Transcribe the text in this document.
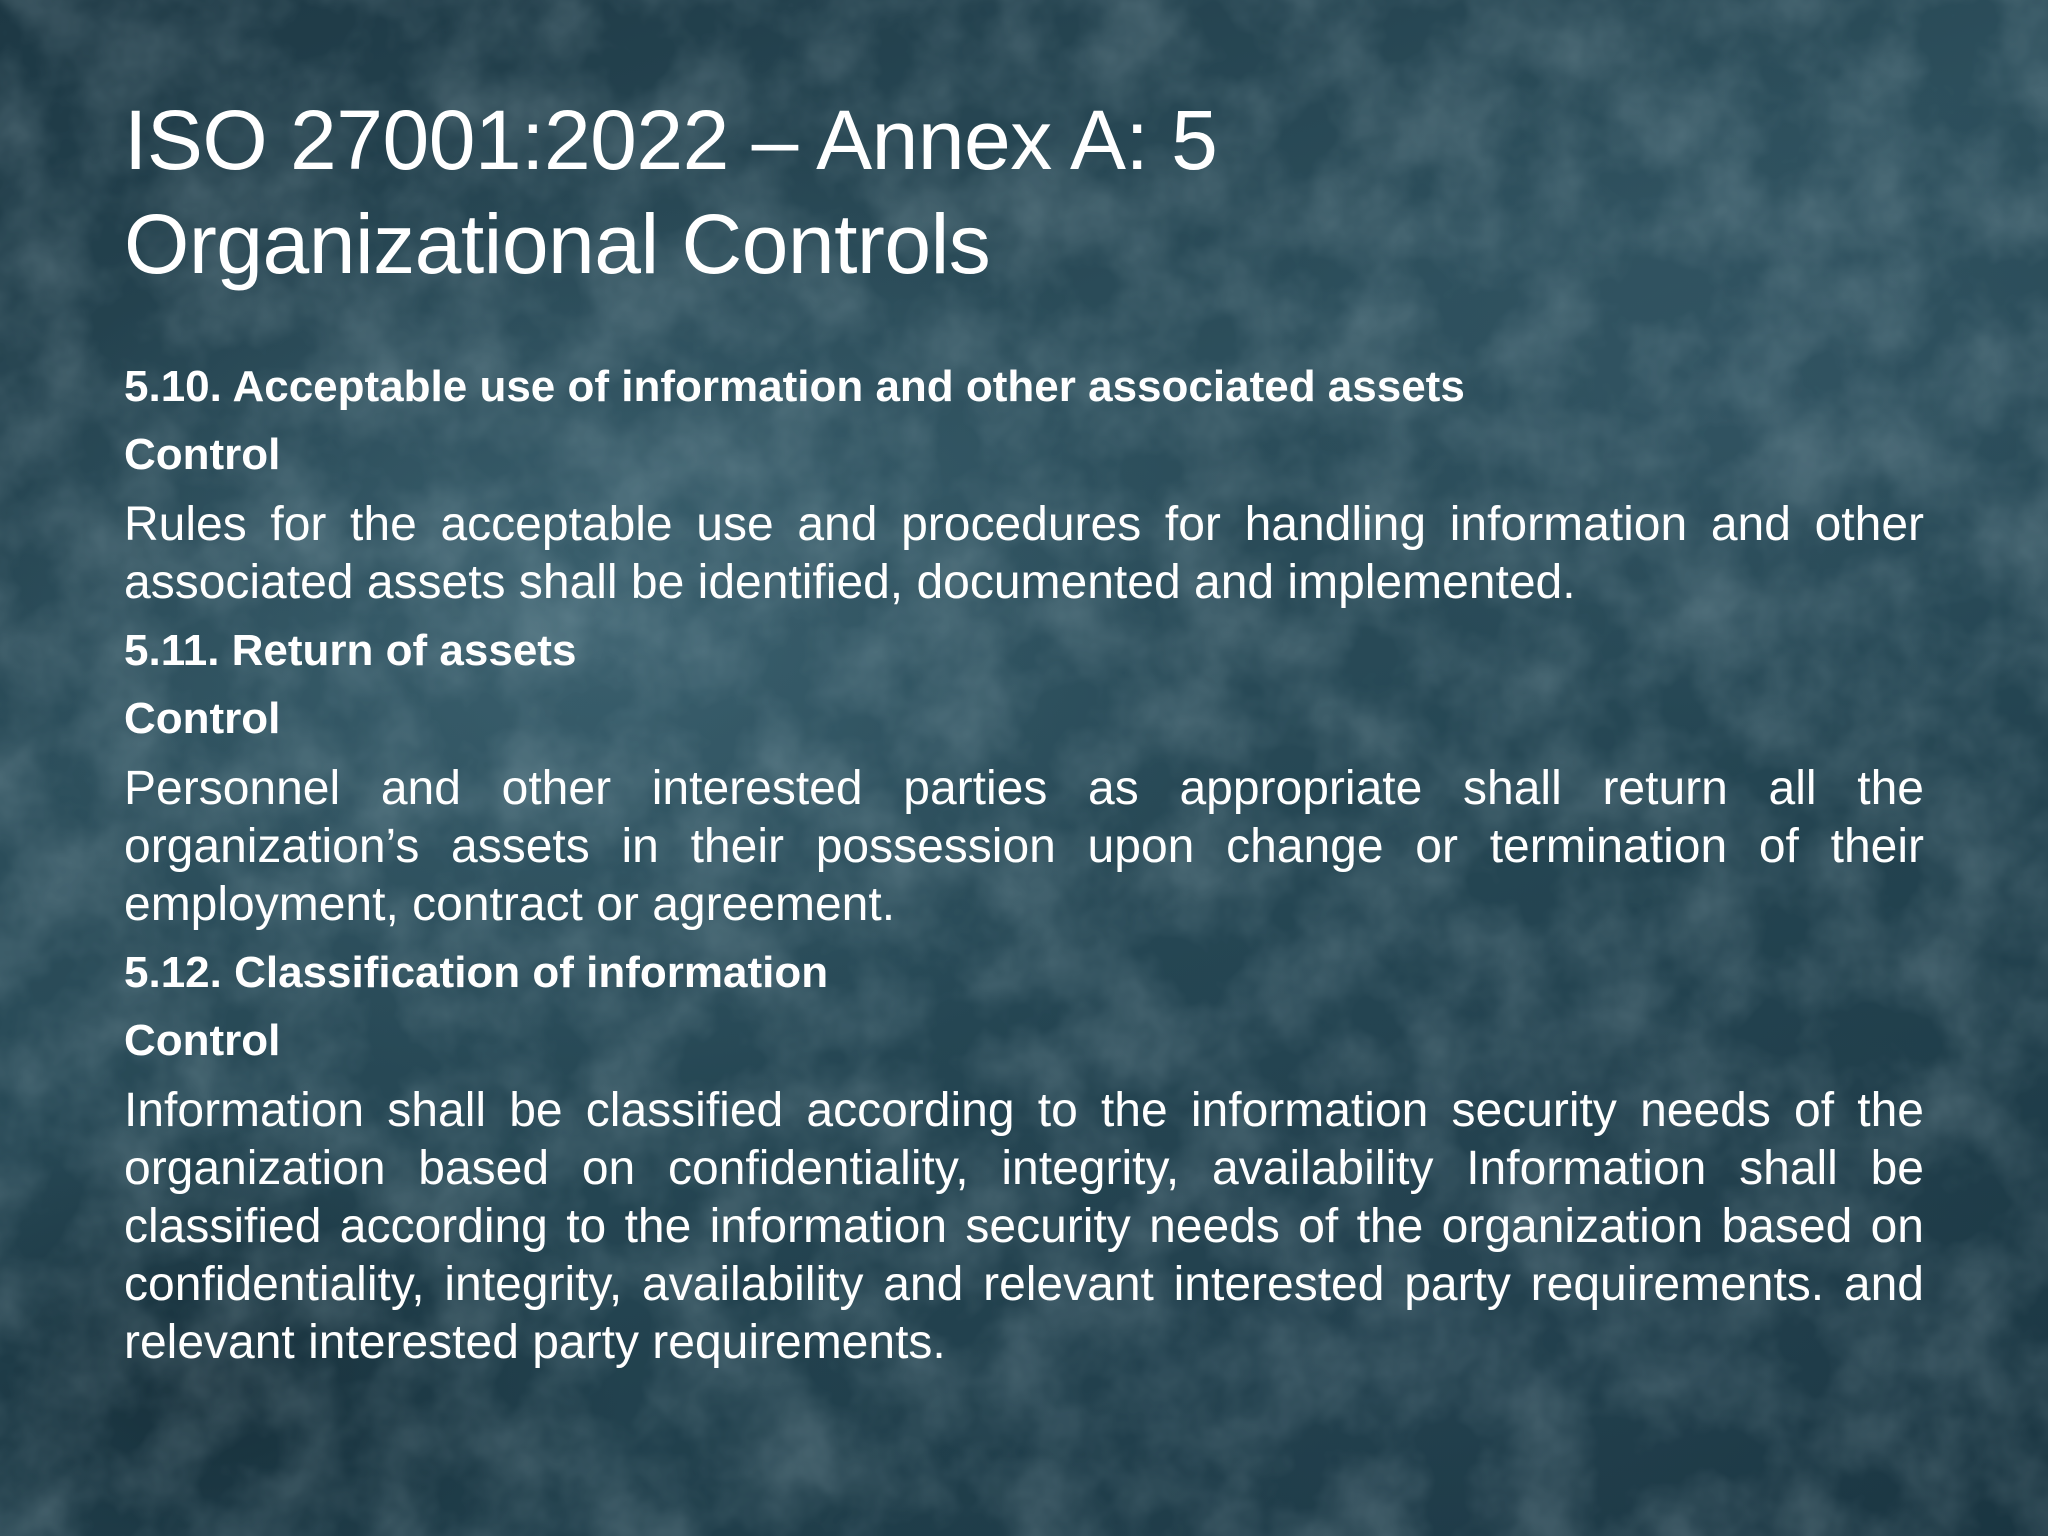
ISO 27001:2022 – Annex A: 5
Organizational Controls

5.10. Acceptable use of information and other associated assets

Control

Rules for the acceptable use and procedures for handling information and other associated assets shall be identified, documented and implemented.

5.11. Return of assets

Control

Personnel and other interested parties as appropriate shall return all the organization’s assets in their possession upon change or termination of their employment, contract or agreement.

5.12. Classification of information

Control

Information shall be classified according to the information security needs of the organization based on confidentiality, integrity, availability Information shall be classified according to the information security needs of the organization based on confidentiality, integrity, availability and relevant interested party requirements. and relevant interested party requirements.
